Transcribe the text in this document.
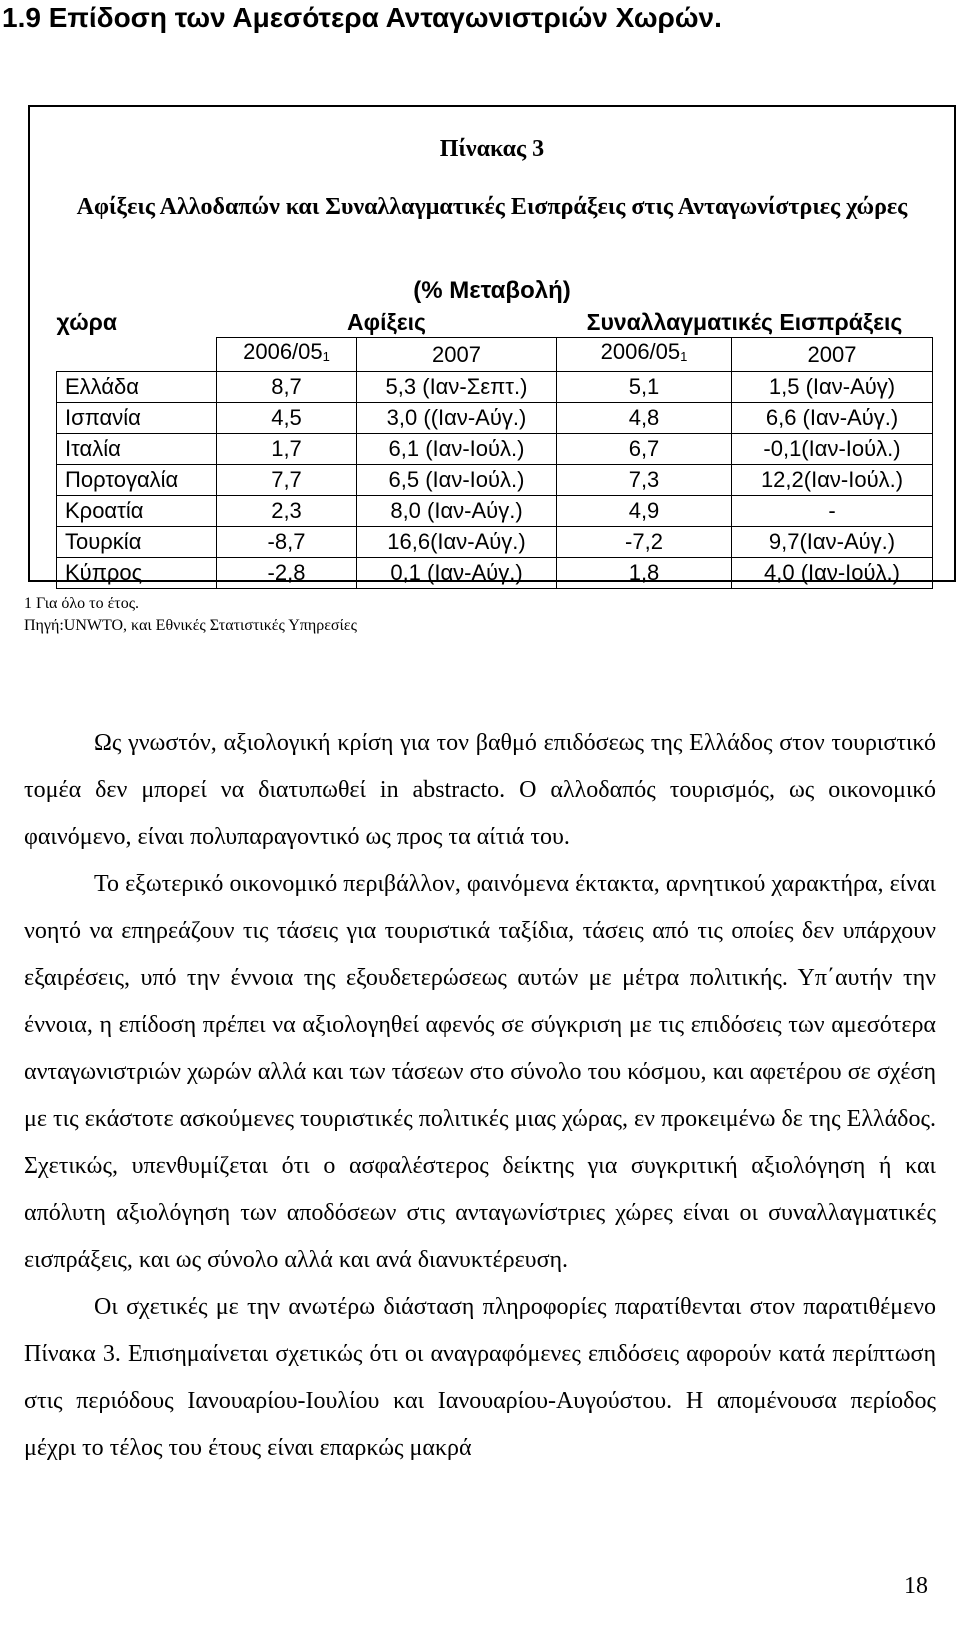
1.9 Επίδοση των Αμεσότερα Ανταγωνιστριών Χωρών.
Πίνακας 3
Αφίξεις Αλλοδαπών και Συναλλαγματικές Εισπράξεις στις Ανταγωνίστριες χώρες
(% Μεταβολή)
χώρα	Αφίξεις		Συναλλαγματικές Εισπράξεις	
	$2006/05^1$	2007	$2006/05^1$	2007
Ελλάδα	8,7	5,3 (Ιαν-Σεπτ.)	5,1	1,5 (Ιαν-Αύγ)
Ισπανία	4,5	3,0 ((Ιαν-Αύγ.)	4,8	6,6 (Ιαν-Αύγ.)
Ιταλία	1,7	6,1 (Ιαν-Ιούλ.)	6,7	-0,1(Ιαν-Ιούλ.)
Πορτογαλία	7,7	6,5 (Ιαν-Ιούλ.)	7,3	12,2(Ιαν-Ιούλ.)
Κροατία	2,3	8,0 (Ιαν-Αύγ.)	4,9	-
Τουρκία	-8,7	16,6(Ιαν-Αύγ.)	-7,2	9,7(Ιαν-Αύγ.)
Κύπρος	-2,8	0,1 (Ιαν-Αύγ.)	1,8	4,0 (Ιαν-Ιούλ.)
1 Για όλο το έτος.
Πηγή:UNWTO, και Εθνικές Στατιστικές Υπηρεσίες

Ως γνωστόν, αξιολογική κρίση για τον βαθμό επιδόσεως της Ελλάδος στον τουριστικό τομέα δεν μπορεί να διατυπωθεί in abstracto. Ο αλλοδαπός τουρισμός, ως οικονομικό φαινόμενο, είναι πολυπαραγοντικό ως προς τα αίτιά του.

Το εξωτερικό οικονομικό περιβάλλον, φαινόμενα έκτακτα, αρνητικού χαρακτήρα, είναι νοητό να επηρεάζουν τις τάσεις για τουριστικά ταξίδια, τάσεις από τις οποίες δεν υπάρχουν εξαιρέσεις, υπό την έννοια της εξουδετερώσεως αυτών με μέτρα πολιτικής. Υπ΄αυτήν την έννοια, η επίδοση πρέπει να αξιολογηθεί αφενός σε σύγκριση με τις επιδόσεις των αμεσότερα ανταγωνιστριών χωρών αλλά και των τάσεων στο σύνολο του κόσμου, και αφετέρου σε σχέση με τις εκάστοτε ασκούμενες τουριστικές πολιτικές μιας χώρας, εν προκειμένω δε της Ελλάδος. Σχετικώς, υπενθυμίζεται ότι ο ασφαλέστερος δείκτης για συγκριτική αξιολόγηση ή και απόλυτη αξιολόγηση των αποδόσεων στις ανταγωνίστριες χώρες είναι οι συναλλαγματικές εισπράξεις, και ως σύνολο αλλά και ανά διανυκτέρευση.

Οι σχετικές με την ανωτέρω διάσταση πληροφορίες παρατίθενται στον παρατιθέμενο Πίνακα 3. Επισημαίνεται σχετικώς ότι οι αναγραφόμενες επιδόσεις αφορούν κατά περίπτωση στις περιόδους Ιανουαρίου-Ιουλίου και Ιανουαρίου-Αυγούστου. Η απομένουσα περίοδος μέχρι το τέλος του έτους είναι επαρκώς μακρά

18
